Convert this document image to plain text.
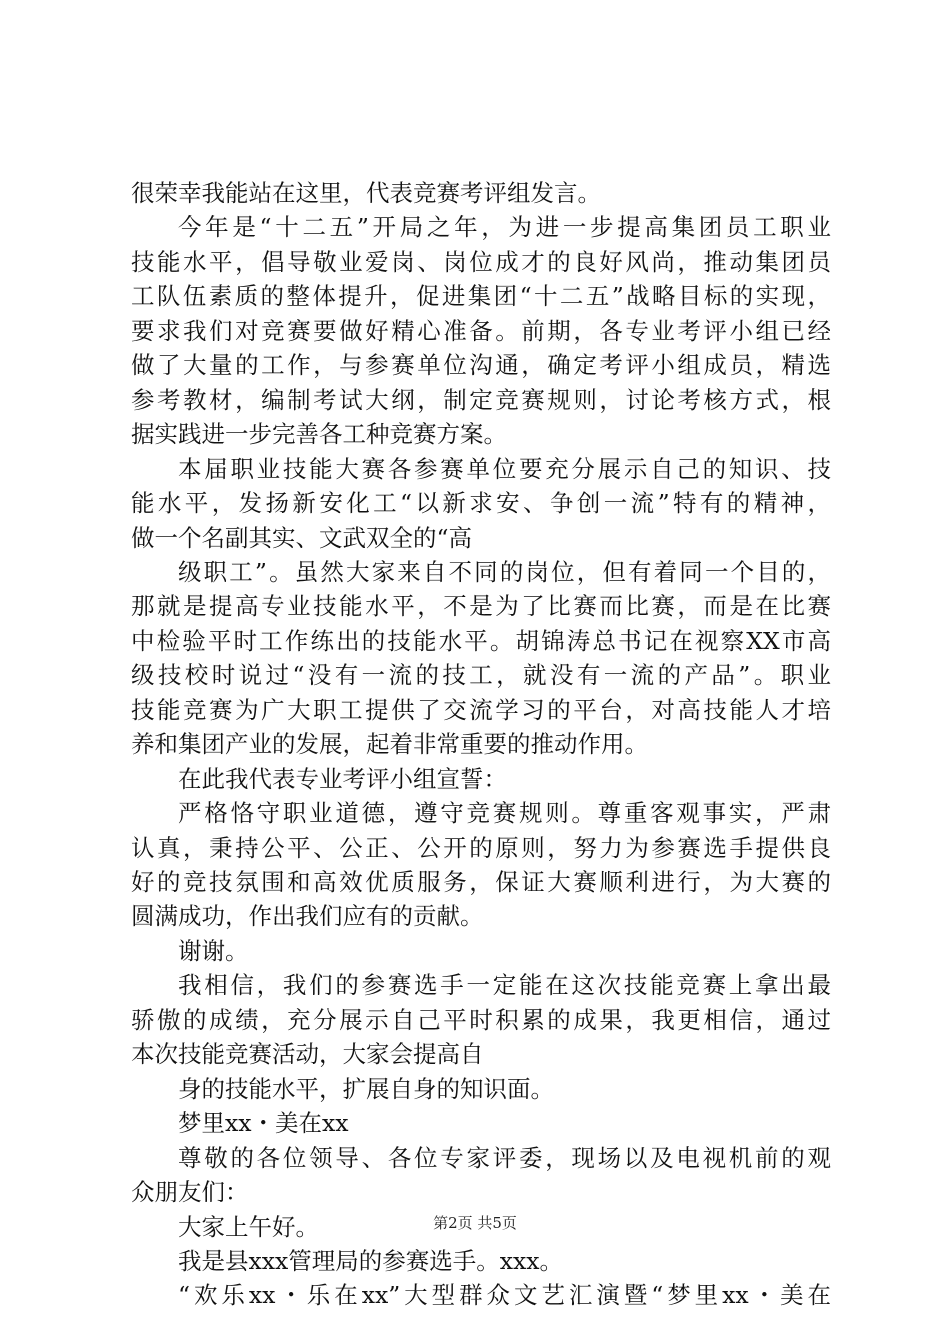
很荣幸我能站在这里，代表竞赛考评组发言。
今年是“十二五”开局之年，为进一步提高集团员工职业
技能水平，倡导敬业爱岗、岗位成才的良好风尚，推动集团员
工队伍素质的整体提升，促进集团“十二五”战略目标的实现，
要求我们对竞赛要做好精心准备。前期，各专业考评小组已经
做了大量的工作，与参赛单位沟通，确定考评小组成员，精选
参考教材，编制考试大纲，制定竞赛规则，讨论考核方式，根
据实践进一步完善各工种竞赛方案。
本届职业技能大赛各参赛单位要充分展示自己的知识、技
能水平，发扬新安化工“以新求安、争创一流”特有的精神，
做一个名副其实、文武双全的“高
级职工”。虽然大家来自不同的岗位，但有着同一个目的，
那就是提高专业技能水平，不是为了比赛而比赛，而是在比赛
中检验平时工作练出的技能水平。胡锦涛总书记在视察XX市高
级技校时说过“没有一流的技工，就没有一流的产品”。职业
技能竞赛为广大职工提供了交流学习的平台，对高技能人才培
养和集团产业的发展，起着非常重要的推动作用。
在此我代表专业考评小组宣誓：
严格恪守职业道德，遵守竞赛规则。尊重客观事实，严肃
认真，秉持公平、公正、公开的原则，努力为参赛选手提供良
好的竞技氛围和高效优质服务，保证大赛顺利进行，为大赛的
圆满成功，作出我们应有的贡献。
谢谢。
我相信，我们的参赛选手一定能在这次技能竞赛上拿出最
骄傲的成绩，充分展示自己平时积累的成果，我更相信，通过
本次技能竞赛活动，大家会提高自
身的技能水平，扩展自身的知识面。
梦里xx・美在xx
尊敬的各位领导、各位专家评委，现场以及电视机前的观
众朋友们：
大家上午好。
我是县xxx管理局的参赛选手。xxx。
“欢乐xx・乐在xx”大型群众文艺汇演暨“梦里xx・美在
第2页 共5页
